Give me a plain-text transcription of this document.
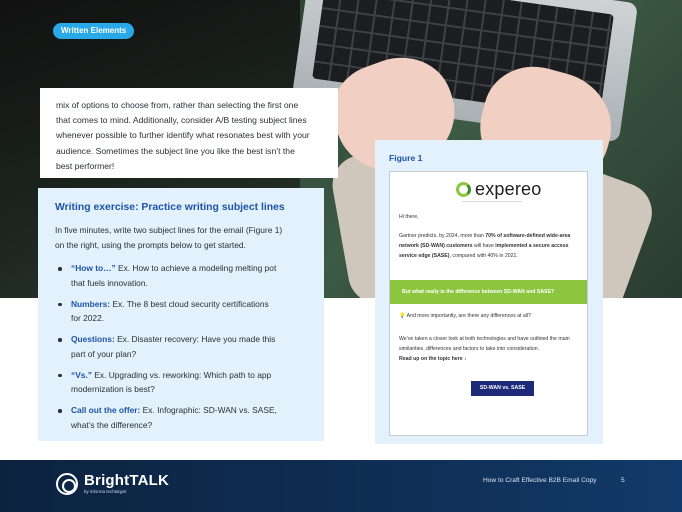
Written Elements
mix of options to choose from, rather than selecting the first one
that comes to mind. Additionally, consider A/B testing subject lines
whenever possible to further identify what resonates best with your
audience. Sometimes the subject line you like the best isn’t the
best performer!
Writing exercise: Practice writing subject lines
In five minutes, write two subject lines for the email (Figure 1)
on the right, using the prompts below to get started.
“How to…” Ex. How to achieve a modeling melting pot
that fuels innovation.
Numbers: Ex. The 8 best cloud security certifications
for 2022.
Questions: Ex. Disaster recovery: Have you made this
part of your plan?
“Vs.” Ex. Upgrading vs. reworking: Which path to app
modernization is best?
Call out the offer: Ex. Infographic: SD-WAN vs. SASE,
what’s the difference?
Figure 1
expereo
Hi there,
Gartner predicts, by 2024, more than 70% of software-defined wide-area
network (SD-WAN) customers will have implemented a secure access
service edge (SASE), compared with 40% in 2021.
But what really is the difference between SD-WAN and SASE?
💡 And more importantly, are there any differences at all?
We’ve taken a closer look at both technologies and have outlined the main
similarities, differences and factors to take into consideration.
Read up on the topic here ↓
SD-WAN vs. SASE
BrightTALK
by informa techtarget
How to Craft Effective B2B Email Copy	5
